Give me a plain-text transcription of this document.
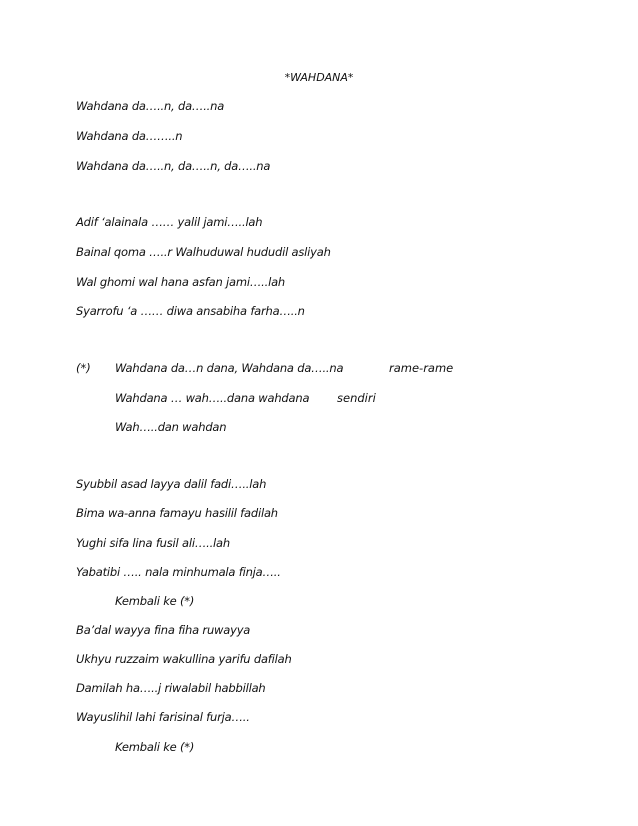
*WAHDANA*
Wahdana da…..n, da…..na
Wahdana da……..n
Wahdana da…..n, da…..n, da…..na
Adif ‘alainala …… yalil jami…..lah
Bainal qoma …..r Walhuduwal hududil asliyah
Wal ghomi wal hana asfan jami…..lah
Syarrofu ‘a …… diwa ansabiha farha…..n
(*) Wahdana da…n dana, Wahdana da…..na	rame-rame
Wahdana … wah…..dana wahdana sendiri
Wah…..dan wahdan
Syubbil asad layya dalil fadi…..lah
Bima wa-anna famayu hasilil fadilah
Yughi sifa lina fusil ali…..lah
Yabatibi ….. nala minhumala finja…..
Kembali ke (*)
Ba’dal wayya fina fiha ruwayya
Ukhyu ruzzaim wakullina yarifu dafilah
Damilah ha…..j riwalabil habbillah
Wayuslihil lahi farisinal furja…..
Kembali ke (*)
